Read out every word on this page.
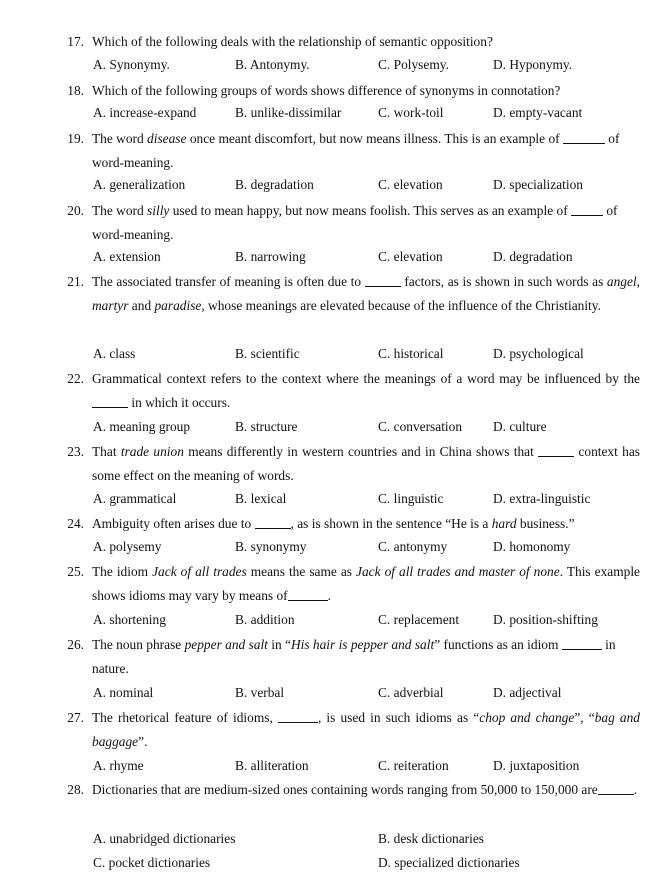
17. Which of the following deals with the relationship of semantic opposition?
A. Synonymy.	B. Antonymy.	C. Polysemy.	D. Hyponymy.
18. Which of the following groups of words shows difference of synonyms in connotation?
A. increase-expand	B. unlike-dissimilar	C. work-toil	D. empty-vacant
19. The word disease once meant discomfort, but now means illness. This is an example of	of word-meaning.
A. generalization	B. degradation	C. elevation	D. specialization
20. The word silly used to mean happy, but now means foolish. This serves as an example of  of word-meaning.
A. extension	B. narrowing	C. elevation	D. degradation
21. The associated transfer of meaning is often due to	factors, as is shown in such words as angel, martyr and paradise, whose meanings are elevated because of the influence of the Christianity.
A. class	B. scientific	C. historical	D. psychological
22. Grammatical context refers to the context where the meanings of a word may be influenced by the  in which it occurs.
A. meaning group	B. structure	C. conversation D. culture
23. That trade union means differently in western countries and in China shows that	context has some effect on the meaning of words.
A. grammatical	B. lexical	C. linguistic	D. extra-linguistic
24. Ambiguity often arises due to	, as is shown in the sentence “He is a hard business.”
A. polysemy	B. synonymy	C. antonymy	D. homonomy
25. The idiom Jack of all trades means the same as Jack of all trades and master of none. This example shows idioms may vary by means of	.
A. shortening	B. addition	C. replacement	D. position-shifting
26. The noun phrase pepper and salt in “His hair is pepper and salt” functions as an idiom	in nature.
A. nominal	B. verbal	C. adverbial	D. adjectival
27. The rhetorical feature of idioms,	, is used in such idioms as “chop and change”, “bag and baggage”.
A. rhyme	B. alliteration	C. reiteration	D. juxtaposition
28. Dictionaries that are medium-sized ones containing words ranging from 50,000 to 150,000 are	.
A. unabridged dictionaries	B. desk dictionaries
C. pocket dictionaries	D. specialized dictionaries
